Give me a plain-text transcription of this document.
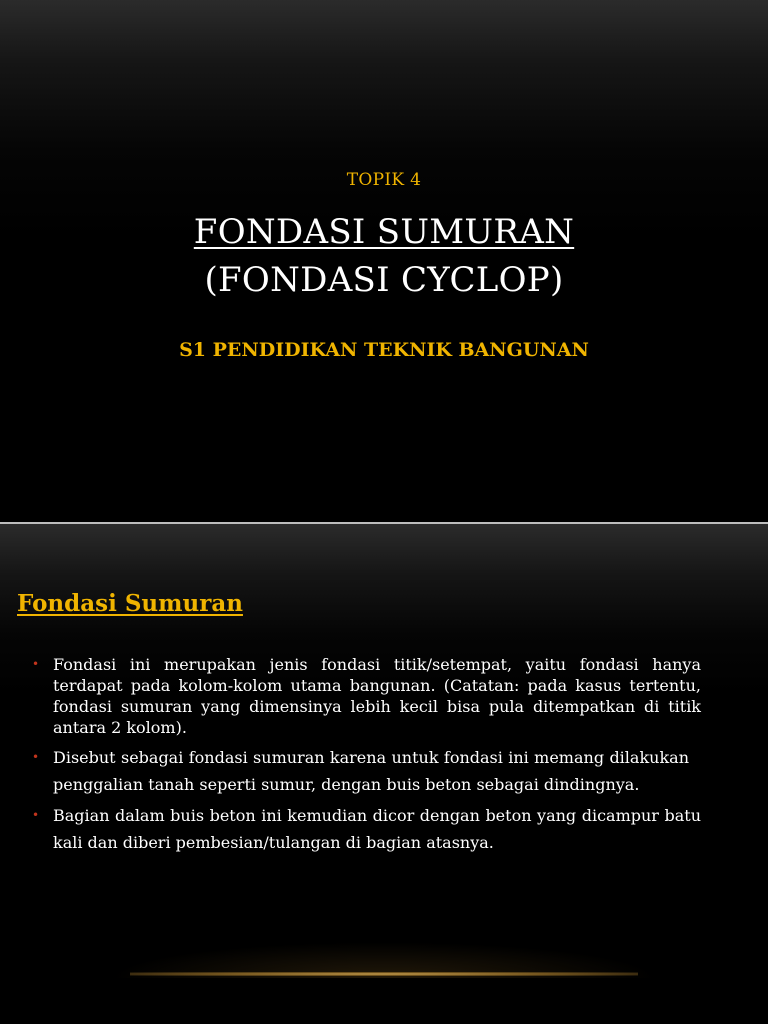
TOPIK 4
FONDASI SUMURAN
(FONDASI CYCLOP)
S1 PENDIDIKAN TEKNIK BANGUNAN
Fondasi Sumuran
• Fondasi ini merupakan jenis fondasi titik/setempat, yaitu fondasi hanya terdapat pada kolom-kolom utama bangunan. (Catatan: pada kasus tertentu, fondasi sumuran yang dimensinya lebih kecil bisa pula ditempatkan di titik antara 2 kolom).
• Disebut sebagai fondasi sumuran karena untuk fondasi ini memang dilakukan penggalian tanah seperti sumur, dengan buis beton sebagai dindingnya.
• Bagian dalam buis beton ini kemudian dicor dengan beton yang dicampur batu kali dan diberi pembesian/tulangan di bagian atasnya.
